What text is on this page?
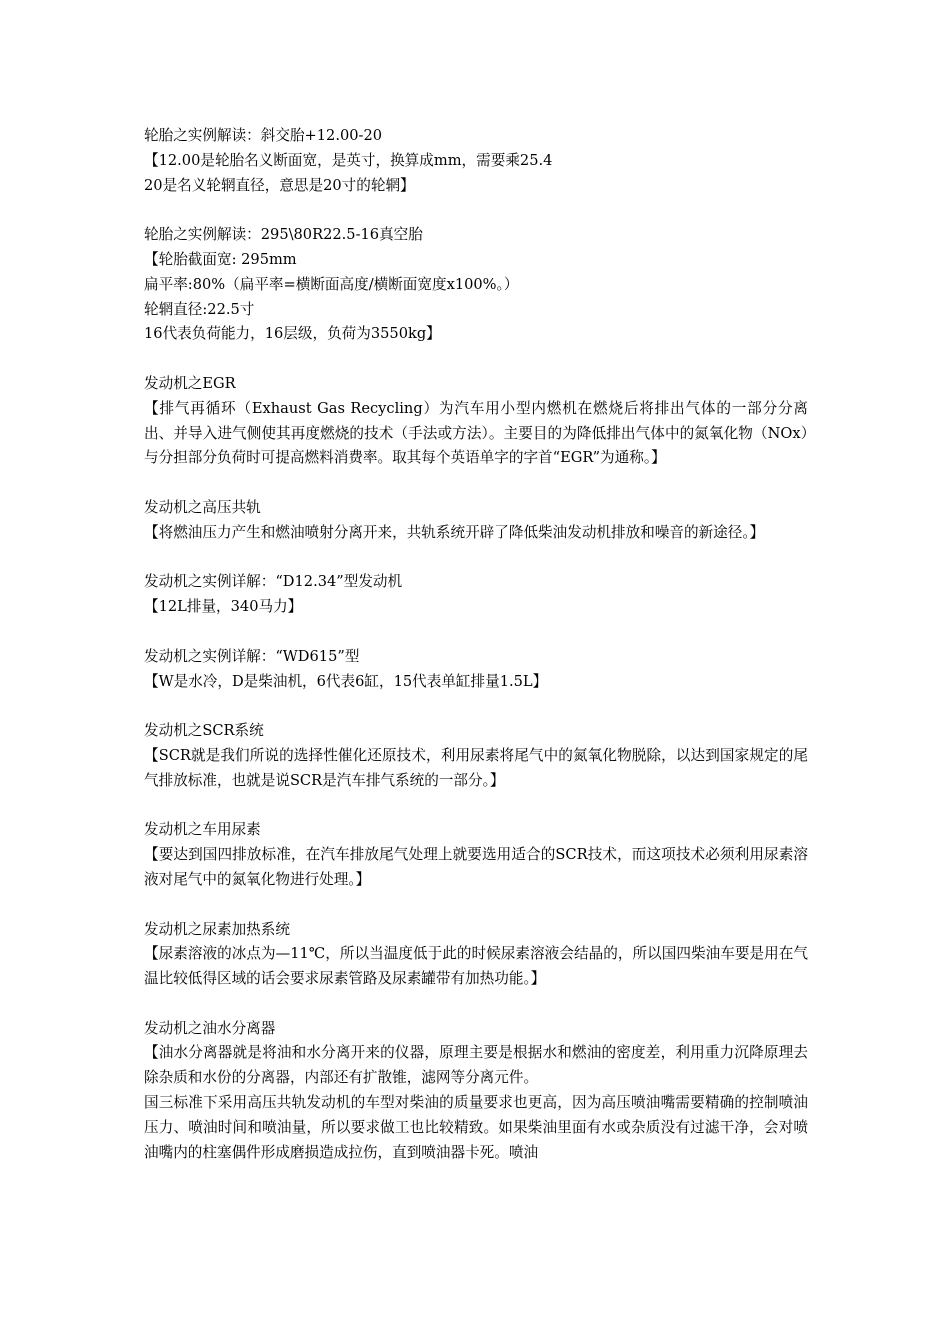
轮胎之实例解读：斜交胎+12.00-20
【12.00是轮胎名义断面宽，是英寸，换算成mm，需要乘25.4
20是名义轮辋直径，意思是20寸的轮辋】
轮胎之实例解读：295\80R22.5-16真空胎
【轮胎截面宽: 295mm
扁平率:80%（扁平率=横断面高度/横断面宽度x100%。）
轮辋直径:22.5寸
16代表负荷能力，16层级，负荷为3550kg】
发动机之EGR
【排气再循环（Exhaust Gas Recycling）为汽车用小型内燃机在燃烧后将排出气体的一部分分离出、并导入进气侧使其再度燃烧的技术（手法或方法）。主要目的为降低排出气体中的氮氧化物（NOx）与分担部分负荷时可提高燃料消费率。取其每个英语单字的字首“EGR”为通称。】
发动机之高压共轨
【将燃油压力产生和燃油喷射分离开来，共轨系统开辟了降低柴油发动机排放和噪音的新途径。】
发动机之实例详解：“D12.34”型发动机
【12L排量，340马力】
发动机之实例详解：“WD615”型
【W是水冷，D是柴油机，6代表6缸，15代表单缸排量1.5L】
发动机之SCR系统
【SCR就是我们所说的选择性催化还原技术，利用尿素将尾气中的氮氧化物脱除，以达到国家规定的尾气排放标准，也就是说SCR是汽车排气系统的一部分。】
发动机之车用尿素
【要达到国四排放标准，在汽车排放尾气处理上就要选用适合的SCR技术，而这项技术必须利用尿素溶液对尾气中的氮氧化物进行处理。】
发动机之尿素加热系统
【尿素溶液的冰点为—11℃，所以当温度低于此的时候尿素溶液会结晶的，所以国四柴油车要是用在气温比较低得区域的话会要求尿素管路及尿素罐带有加热功能。】
发动机之油水分离器
【油水分离器就是将油和水分离开来的仪器，原理主要是根据水和燃油的密度差，利用重力沉降原理去除杂质和水份的分离器，内部还有扩散锥，滤网等分离元件。
国三标准下采用高压共轨发动机的车型对柴油的质量要求也更高，因为高压喷油嘴需要精确的控制喷油压力、喷油时间和喷油量，所以要求做工也比较精致。如果柴油里面有水或杂质没有过滤干净，会对喷油嘴内的柱塞偶件形成磨损造成拉伤，直到喷油器卡死。喷油
